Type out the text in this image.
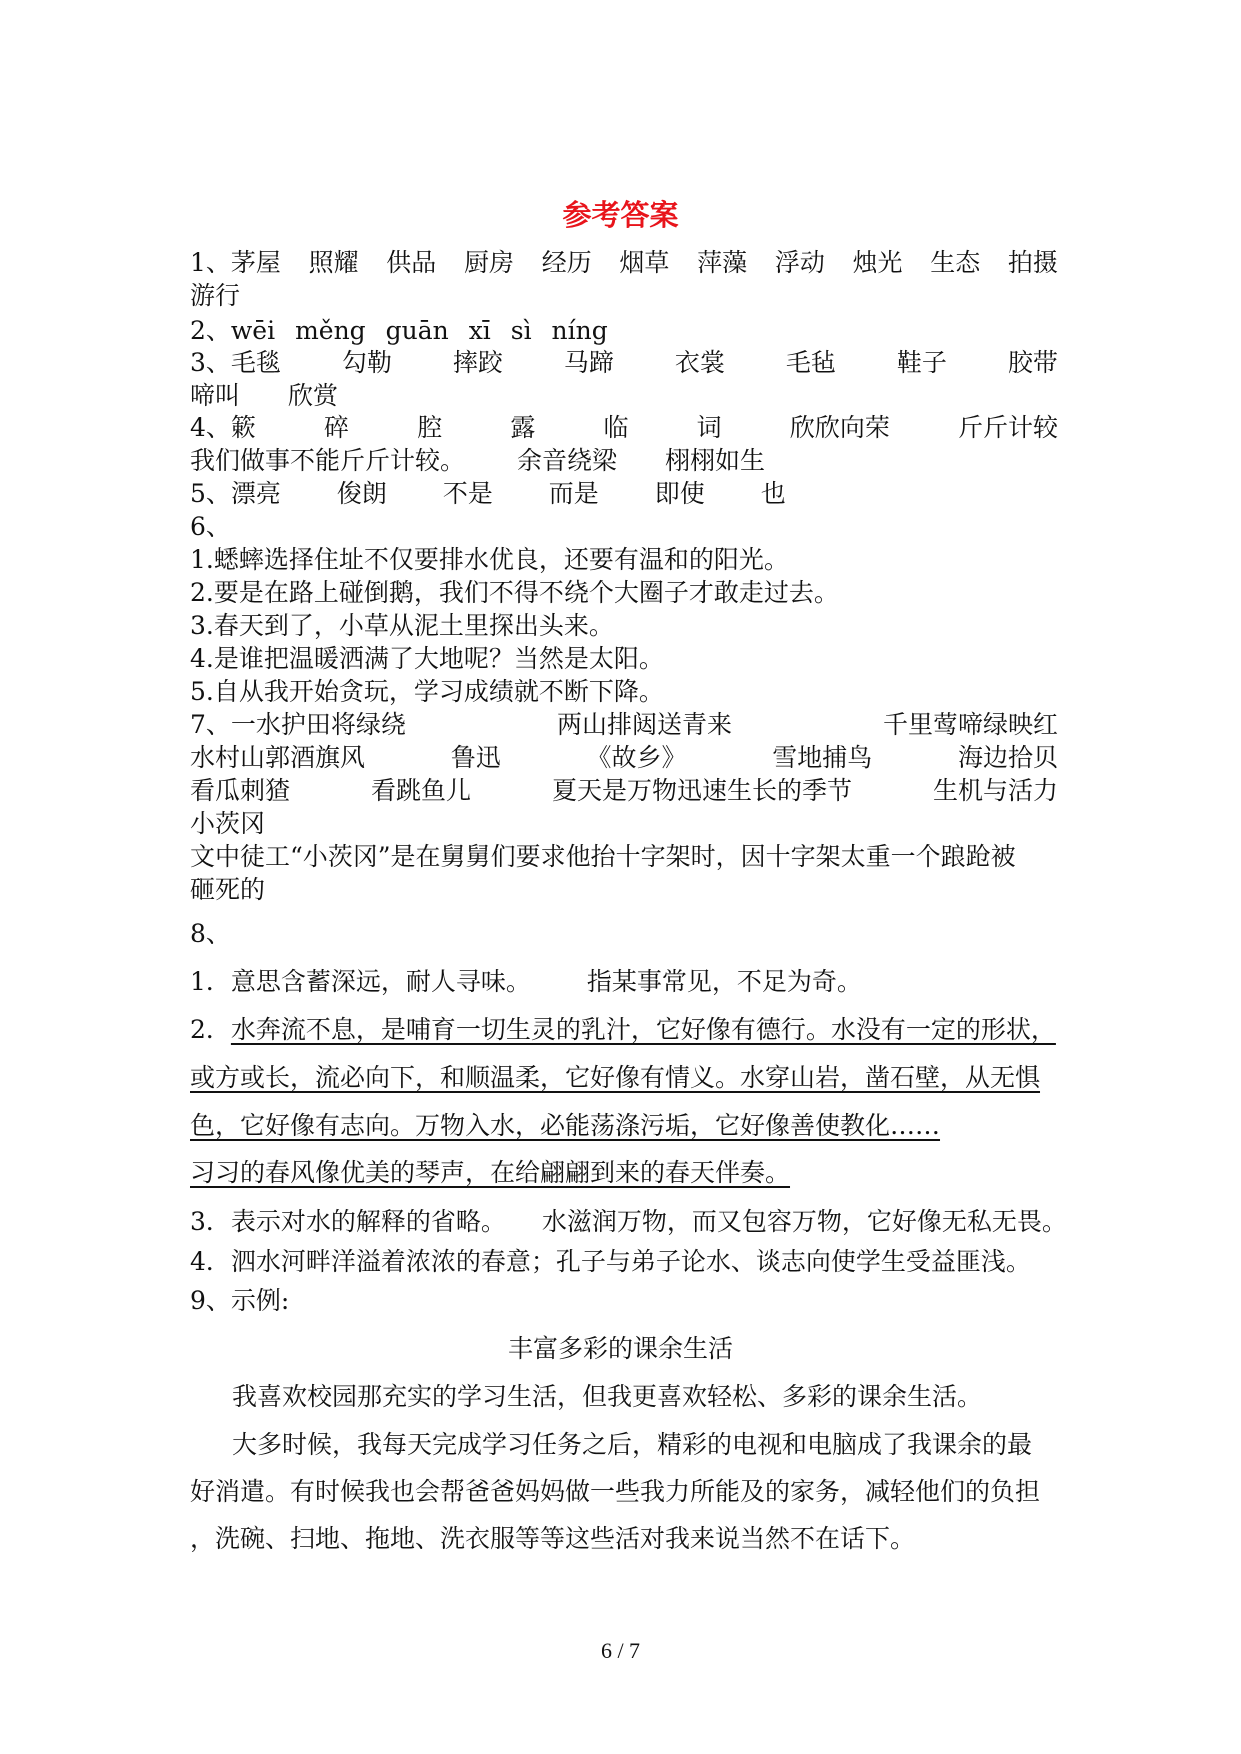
参考答案
1、茅屋 照耀 供品 厨房 经历 烟草 萍藻 浮动 烛光 生态 拍摄
游行
2、wēi měng guān xī sì níng
3、毛毯 勾勒 摔跤 马蹄 衣裳 毛毡 鞋子 胶带
啼叫 欣赏
4、簌	碎	腔	露	临	词	欣欣向荣	斤斤计较
我们做事不能斤斤计较。 余音绕梁 栩栩如生
5、漂亮 俊朗 不是 而是 即使 也
6、
1.蟋蟀选择住址不仅要排水优良，还要有温和的阳光。
2.要是在路上碰倒鹅，我们不得不绕个大圈子才敢走过去。
3.春天到了，小草从泥土里探出头来。
4.是谁把温暖洒满了大地呢？当然是太阳。
5.自从我开始贪玩，学习成绩就不断下降。
7、一水护田将绿绕	两山排闼送青来	千里莺啼绿映红
水村山郭酒旗风	鲁迅	《故乡》	雪地捕鸟	海边拾贝
看瓜刺猹	看跳鱼儿	夏天是万物迅速生长的季节	生机与活力
小茨冈
文中徒工“小茨冈”是在舅舅们要求他抬十字架时，因十字架太重一个踉跄被
砸死的
8、
1．意思含蓄深远，耐人寻味。 指某事常见，不足为奇。
2．水奔流不息，是哺育一切生灵的乳汁，它好像有德行。水没有一定的形状，
或方或长，流必向下，和顺温柔，它好像有情义。水穿山岩，凿石壁，从无惧
色，它好像有志向。万物入水，必能荡涤污垢，它好像善使教化……
习习的春风像优美的琴声，在给翩翩到来的春天伴奏。
3．表示对水的解释的省略。 水滋润万物，而又包容万物，它好像无私无畏。
4．泗水河畔洋溢着浓浓的春意；孔子与弟子论水、谈志向使学生受益匪浅。
9、示例:
丰富多彩的课余生活
我喜欢校园那充实的学习生活，但我更喜欢轻松、多彩的课余生活。
大多时候，我每天完成学习任务之后，精彩的电视和电脑成了我课余的最
好消遣。有时候我也会帮爸爸妈妈做一些我力所能及的家务，减轻他们的负担
，洗碗、扫地、拖地、洗衣服等等这些活对我来说当然不在话下。
6 / 7
